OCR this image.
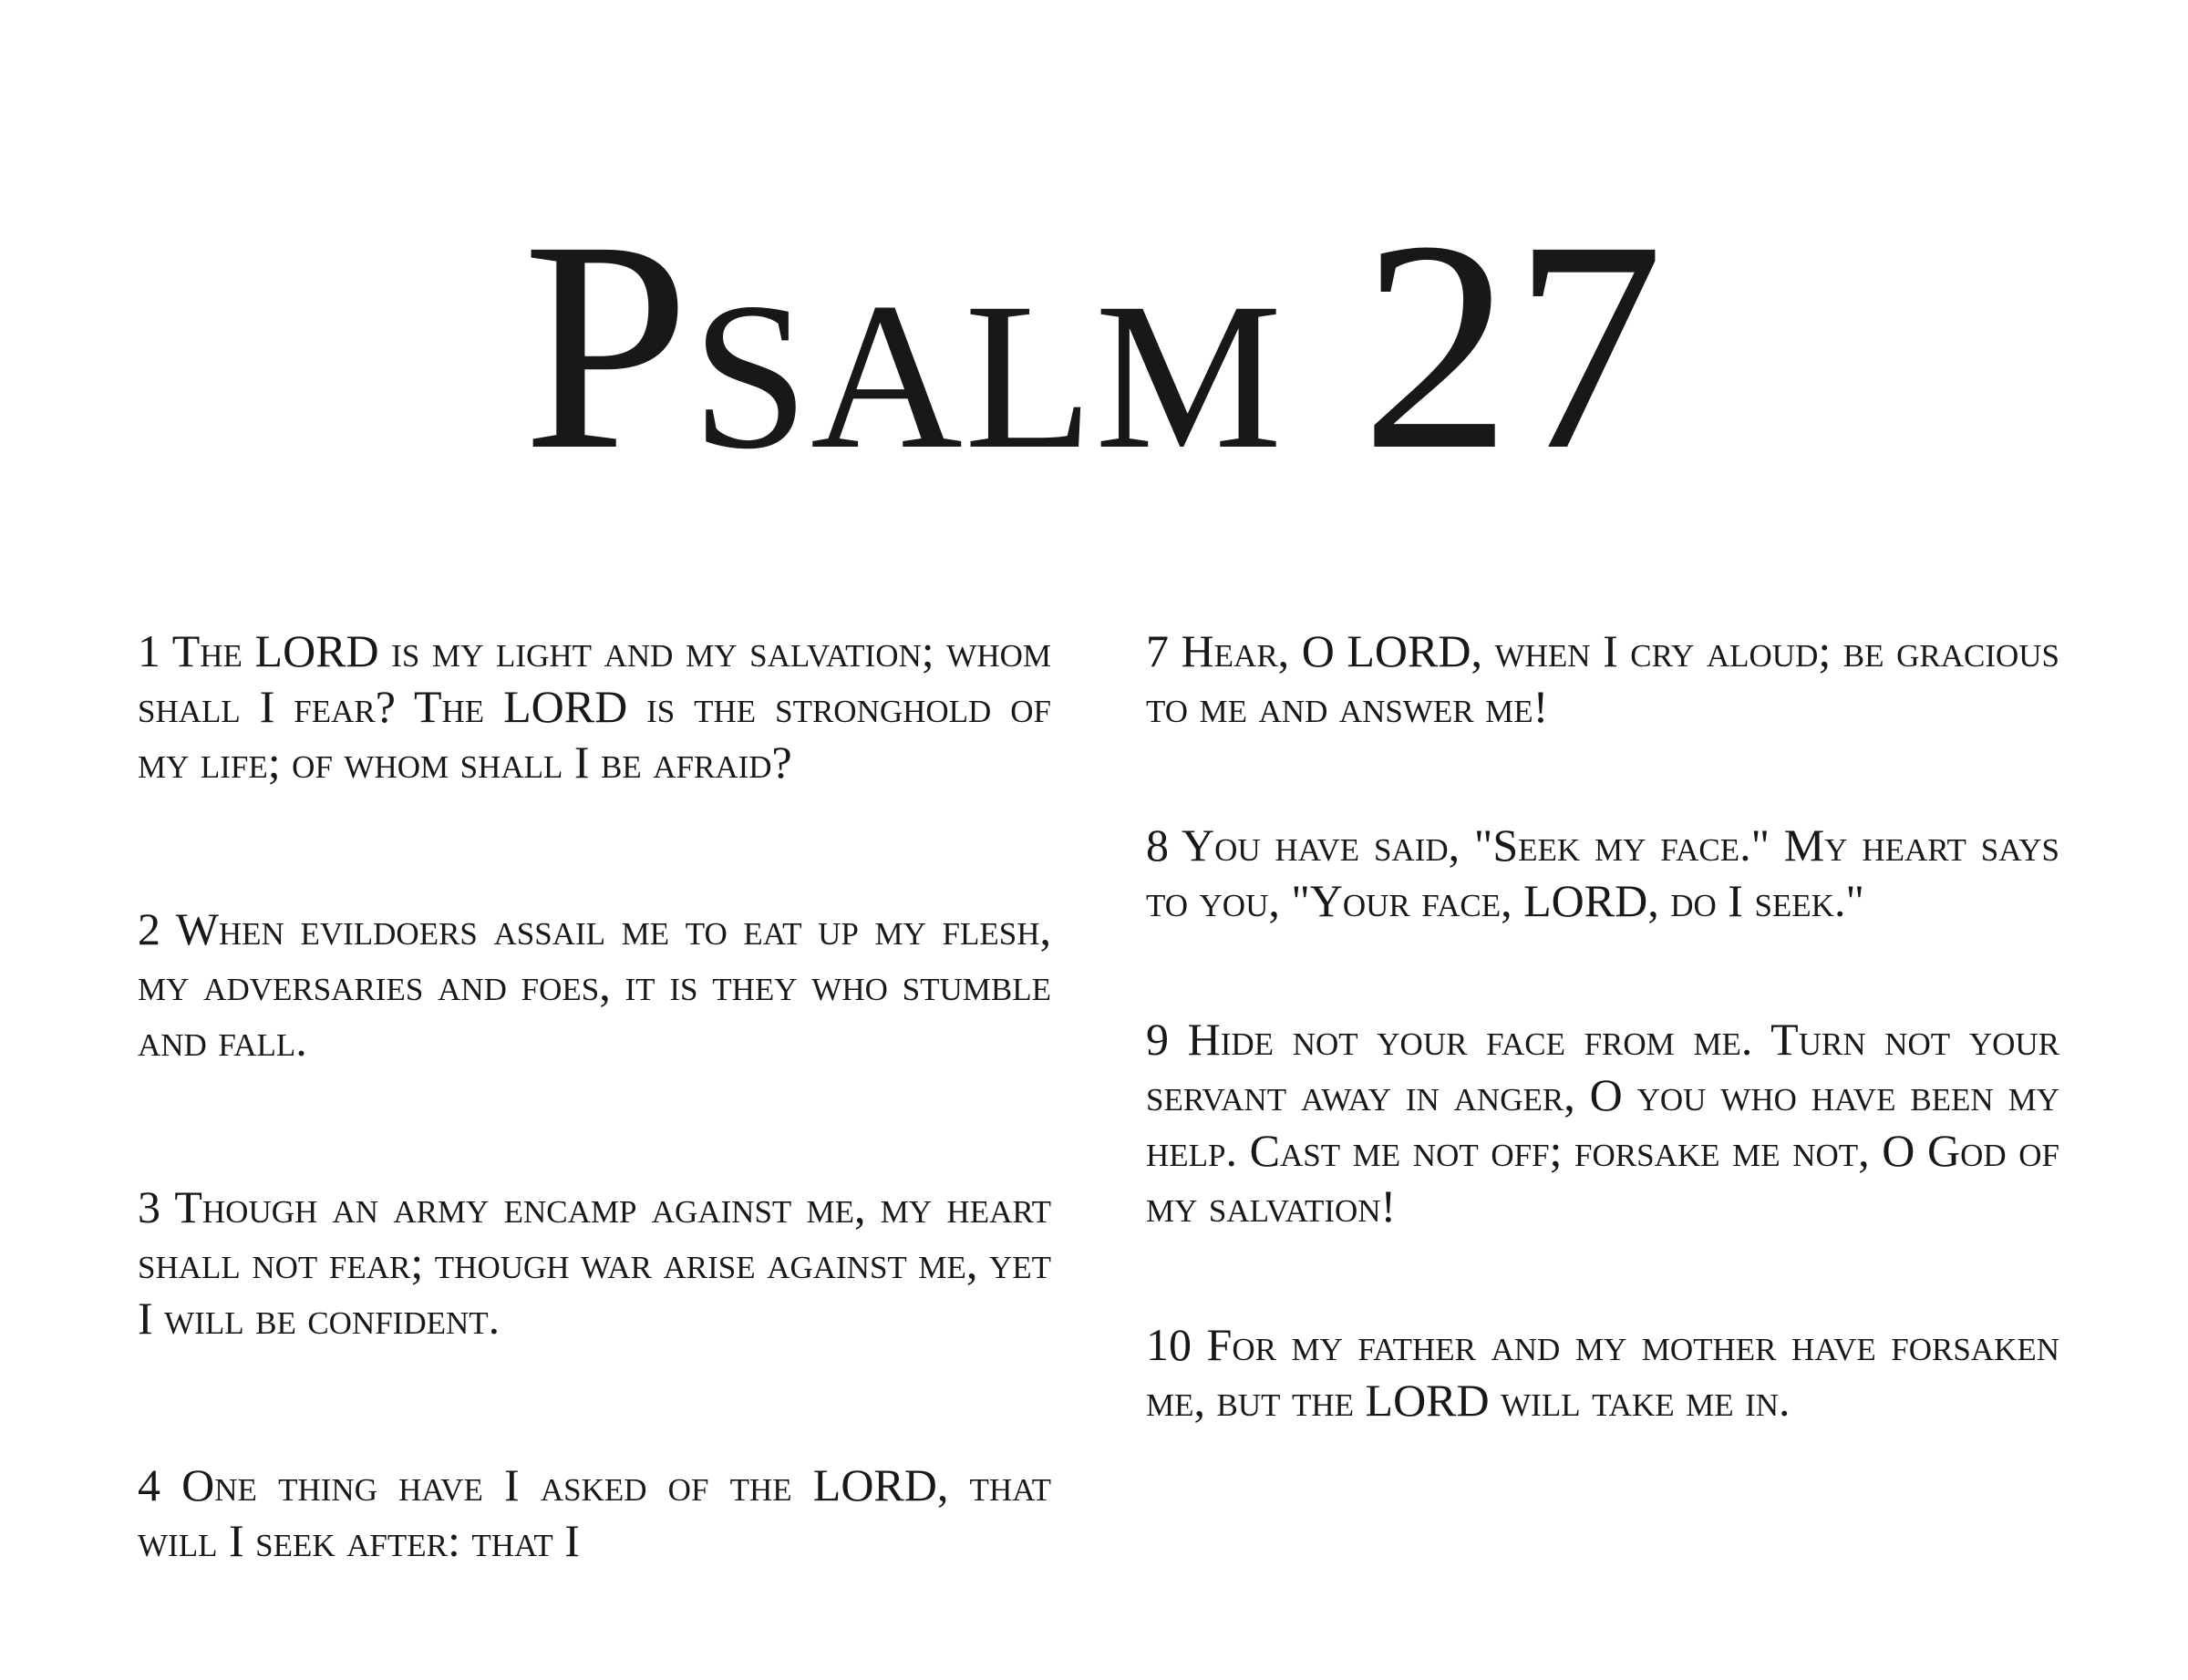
Psalm 27

1 The LORD is my light and my salvation; whom shall I fear? The LORD is the stronghold of my life; of whom shall I be afraid?

2 When evildoers assail me to eat up my flesh, my adversaries and foes, it is they who stumble and fall.

3 Though an army encamp against me, my heart shall not fear; though war arise against me, yet I will be confident.

4 One thing have I asked of the LORD, that will I seek after: that I

7 Hear, O LORD, when I cry aloud; be gracious to me and answer me!

8 You have said, "Seek my face." My heart says to you, "Your face, LORD, do I seek."

9 Hide not your face from me. Turn not your servant away in anger, O you who have been my help. Cast me not off; forsake me not, O God of my salvation!

10 For my father and my mother have forsaken me, but the LORD will take me in.
